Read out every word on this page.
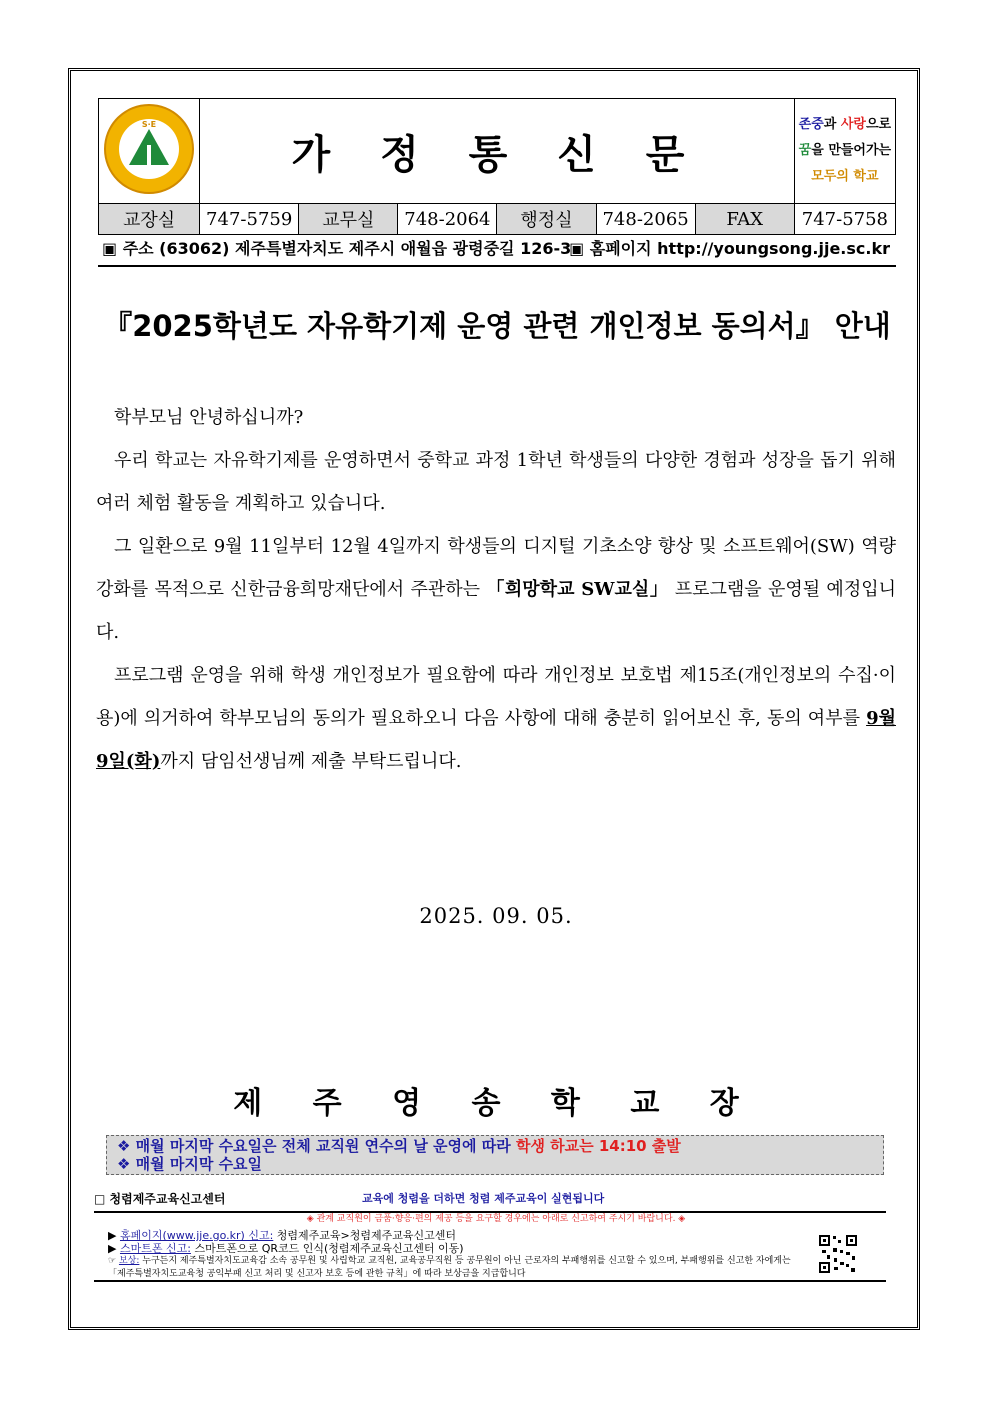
S·E	가 정 통 신 문						존중과 사랑으로
꿈을 만들어가는
모두의 학교

교장실	747-5759	교무실	748-2064	행정실	748-2065	FAX	747-5758
▣ 주소 (63062) 제주특별자치도 제주시 애월읍 광령중길 126-3
▣ 홈페이지 http://youngsong.jje.sc.kr
『2025학년도 자유학기제 운영 관련 개인정보 동의서』 안내

학부모님 안녕하십니까?

우리 학교는 자유학기제를 운영하면서 중학교 과정 1학년 학생들의 다양한 경험과 성장을 돕기 위해 여러 체험 활동을 계획하고 있습니다.

그 일환으로 9월 11일부터 12월 4일까지 학생들의 디지털 기초소양 향상 및 소프트웨어(SW) 역량 강화를 목적으로 신한금융희망재단에서 주관하는 「희망학교 SW교실」 프로그램을 운영될 예정입니다.

프로그램 운영을 위해 학생 개인정보가 필요함에 따라 개인정보 보호법 제15조(개인정보의 수집·이용)에 의거하여 학부모님의 동의가 필요하오니 다음 사항에 대해 충분히 읽어보신 후, 동의 여부를 9월 9일(화)까지 담임선생님께 제출 부탁드립니다.

2025. 09. 05.
제 주 영 송 학 교 장
❖ 매월 마지막 수요일은 전체 교직원 연수의 날 운영에 따라 학생 하교는 14:10 출발
❖ 매월 마지막 수요일
□ 청렴제주교육신고센터	교육에 청렴을 더하면 청렴 제주교육이 실현됩니다
◈ 관계 교직원이 금품·향응·편의 제공 등을 요구할 경우에는 아래로 신고하여 주시기 바랍니다. ◈
▶ 홈페이지(www.jje.go.kr) 신고: 청렴제주교육>청렴제주교육신고센터
▶ 스마트폰 신고: 스마트폰으로 QR코드 인식(청렴제주교육신고센터 이동)
☞ 보상: 누구든지 제주특별자치도교육감 소속 공무원 및 사립학교 교직원, 교육공무직원 등 공무원이 아닌 근로자의 부패행위를 신고할 수 있으며, 부패행위를 신고한 자에게는 「제주특별자치도교육청 공익부패 신고 처리 및 신고자 보호 등에 관한 규칙」에 따라 보상금을 지급합니다
